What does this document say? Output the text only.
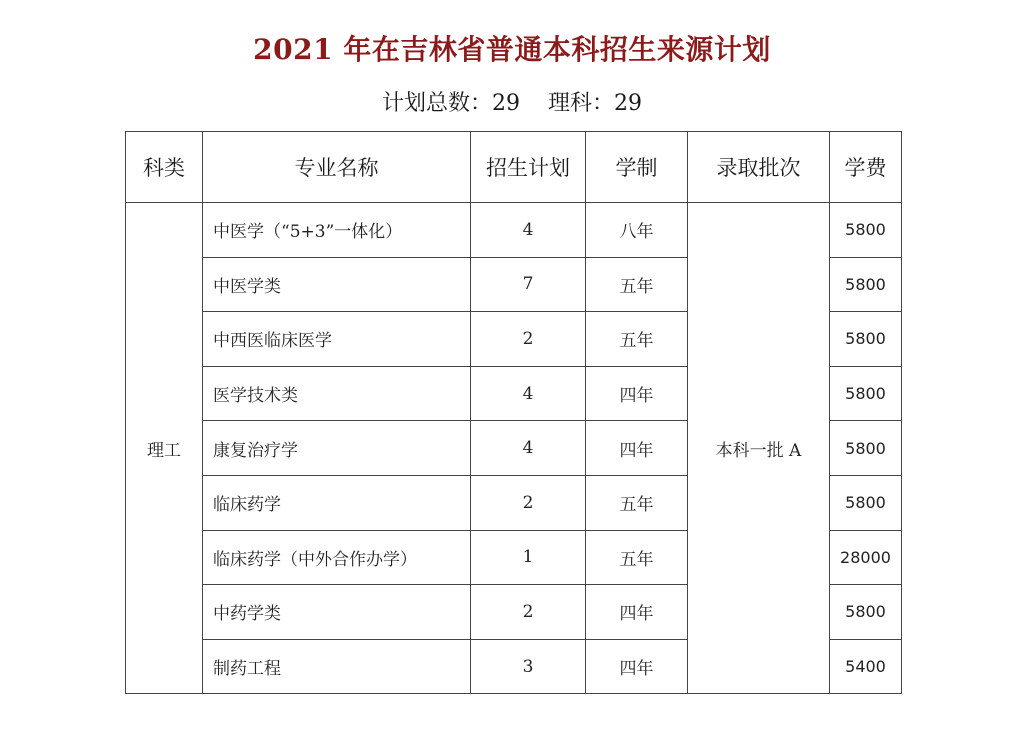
2021 年在吉林省普通本科招生来源计划
计划总数：29 理科：29
科类	专业名称	招生计划	学制	录取批次	学费
理工	中医学（“5+3”一体化）	4	八年	本科一批 A	5800
	中医学类	7	五年		5800
	中西医临床医学	2	五年		5800
	医学技术类	4	四年		5800
	康复治疗学	4	四年		5800
	临床药学	2	五年		5800
	临床药学（中外合作办学）	1	五年		28000
	中药学类	2	四年		5800
	制药工程	3	四年		5400
